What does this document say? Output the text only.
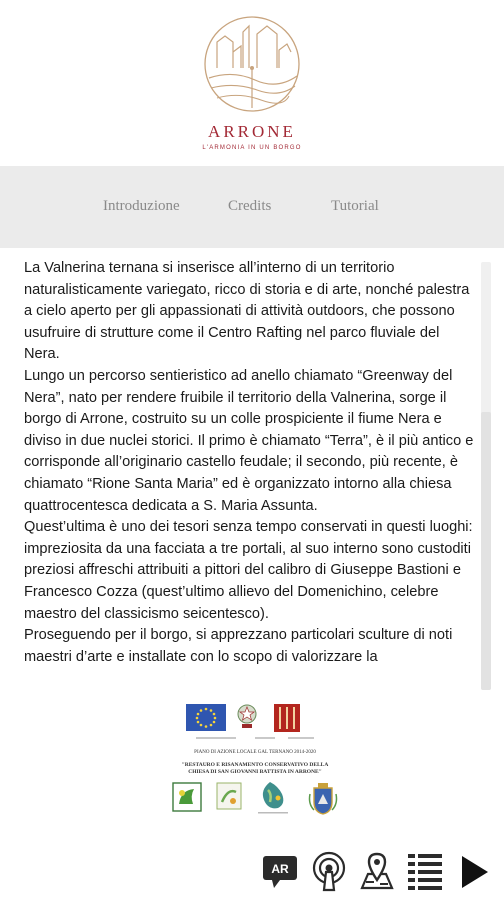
ARRONE
L'ARMONIA IN UN BORGO
Introduzione	Credits	Tutorial

La Valnerina ternana si inserisce all’interno di un territorio naturalisticamente variegato, ricco di storia e di arte, nonché palestra a cielo aperto per gli appassionati di attività outdoors, che possono usufruire di strutture come il Centro Rafting nel parco fluviale del Nera.

Lungo un percorso sentieristico ad anello chiamato “Greenway del Nera”, nato per rendere fruibile il territorio della Valnerina, sorge il borgo di Arrone, costruito su un colle prospiciente il fiume Nera e diviso in due nuclei storici. Il primo è chiamato “Terra”, è il più antico e corrisponde all’originario castello feudale; il secondo, più recente, è chiamato “Rione Santa Maria” ed è organizzato intorno alla chiesa quattrocentesca dedicata a S. Maria Assunta.

Quest’ultima è uno dei tesori senza tempo conservati in questi luoghi: impreziosita da una facciata a tre portali, al suo interno sono custoditi preziosi affreschi attribuiti a pittori del calibro di Giuseppe Bastioni e Francesco Cozza (quest’ultimo allievo del Domenichino, celebre maestro del classicismo seicentesco).

Proseguendo per il borgo, si apprezzano particolari sculture di noti maestri d’arte e installate con lo scopo di valorizzare la

PIANO DI AZIONE LOCALE GAL TERNANO 2014-2020
"RESTAURO E RISANAMENTO CONSERVATIVO DELLA
CHIESA DI SAN GIOVANNI BATTISTA IN ARRONE"
AR
